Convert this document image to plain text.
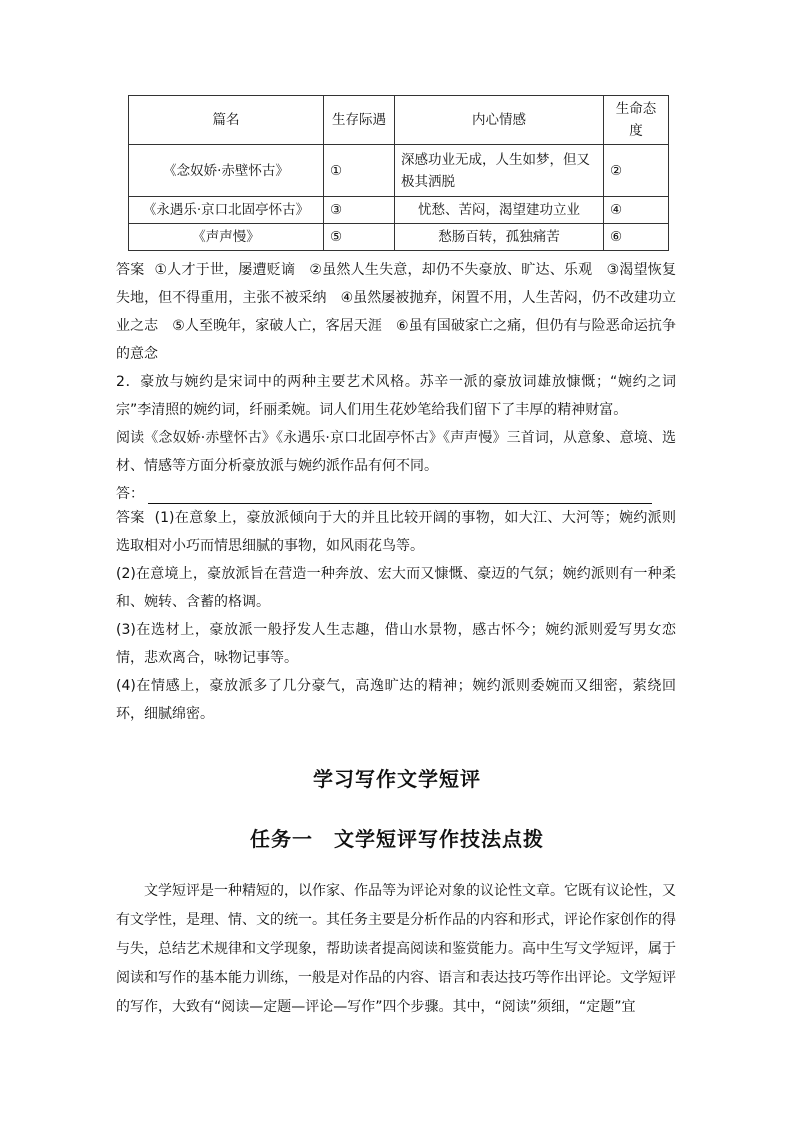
篇名	生存际遇	内心情感	生命态度
《念奴娇·赤壁怀古》	①	深感功业无成，人生如梦，但又极其洒脱	②
《永遇乐·京口北固亭怀古》	③	忧愁、苦闷，渴望建功立业	④
《声声慢》	⑤	愁肠百转，孤独痛苦	⑥

答案 ①人才于世，屡遭贬谪　②虽然人生失意，却仍不失豪放、旷达、乐观　③渴望恢复失地，但不得重用，主张不被采纳　④虽然屡被抛弃，闲置不用，人生苦闷，仍不改建功立业之志　⑤人至晚年，家破人亡，客居天涯　⑥虽有国破家亡之痛，但仍有与险恶命运抗争的意念

2．豪放与婉约是宋词中的两种主要艺术风格。苏辛一派的豪放词雄放慷慨；“婉约之词宗”李清照的婉约词，纤丽柔婉。词人们用生花妙笔给我们留下了丰厚的精神财富。

阅读《念奴娇·赤壁怀古》《永遇乐·京口北固亭怀古》《声声慢》三首词，从意象、意境、选材、情感等方面分析豪放派与婉约派作品有何不同。

答：

答案 (1)在意象上，豪放派倾向于大的并且比较开阔的事物，如大江、大河等；婉约派则选取相对小巧而情思细腻的事物，如风雨花鸟等。

(2)在意境上，豪放派旨在营造一种奔放、宏大而又慷慨、豪迈的气氛；婉约派则有一种柔和、婉转、含蓄的格调。

(3)在选材上，豪放派一般抒发人生志趣，借山水景物，感古怀今；婉约派则爱写男女恋情，悲欢离合，咏物记事等。

(4)在情感上，豪放派多了几分豪气，高逸旷达的精神；婉约派则委婉而又细密，萦绕回环，细腻绵密。

学习写作文学短评
任务一　文学短评写作技法点拨

文学短评是一种精短的，以作家、作品等为评论对象的议论性文章。它既有议论性，又有文学性，是理、情、文的统一。其任务主要是分析作品的内容和形式，评论作家创作的得与失，总结艺术规律和文学现象，帮助读者提高阅读和鉴赏能力。高中生写文学短评，属于阅读和写作的基本能力训练，一般是对作品的内容、语言和表达技巧等作出评论。文学短评的写作，大致有“阅读—定题—评论—写作”四个步骤。其中，“阅读”须细，“定题”宜
